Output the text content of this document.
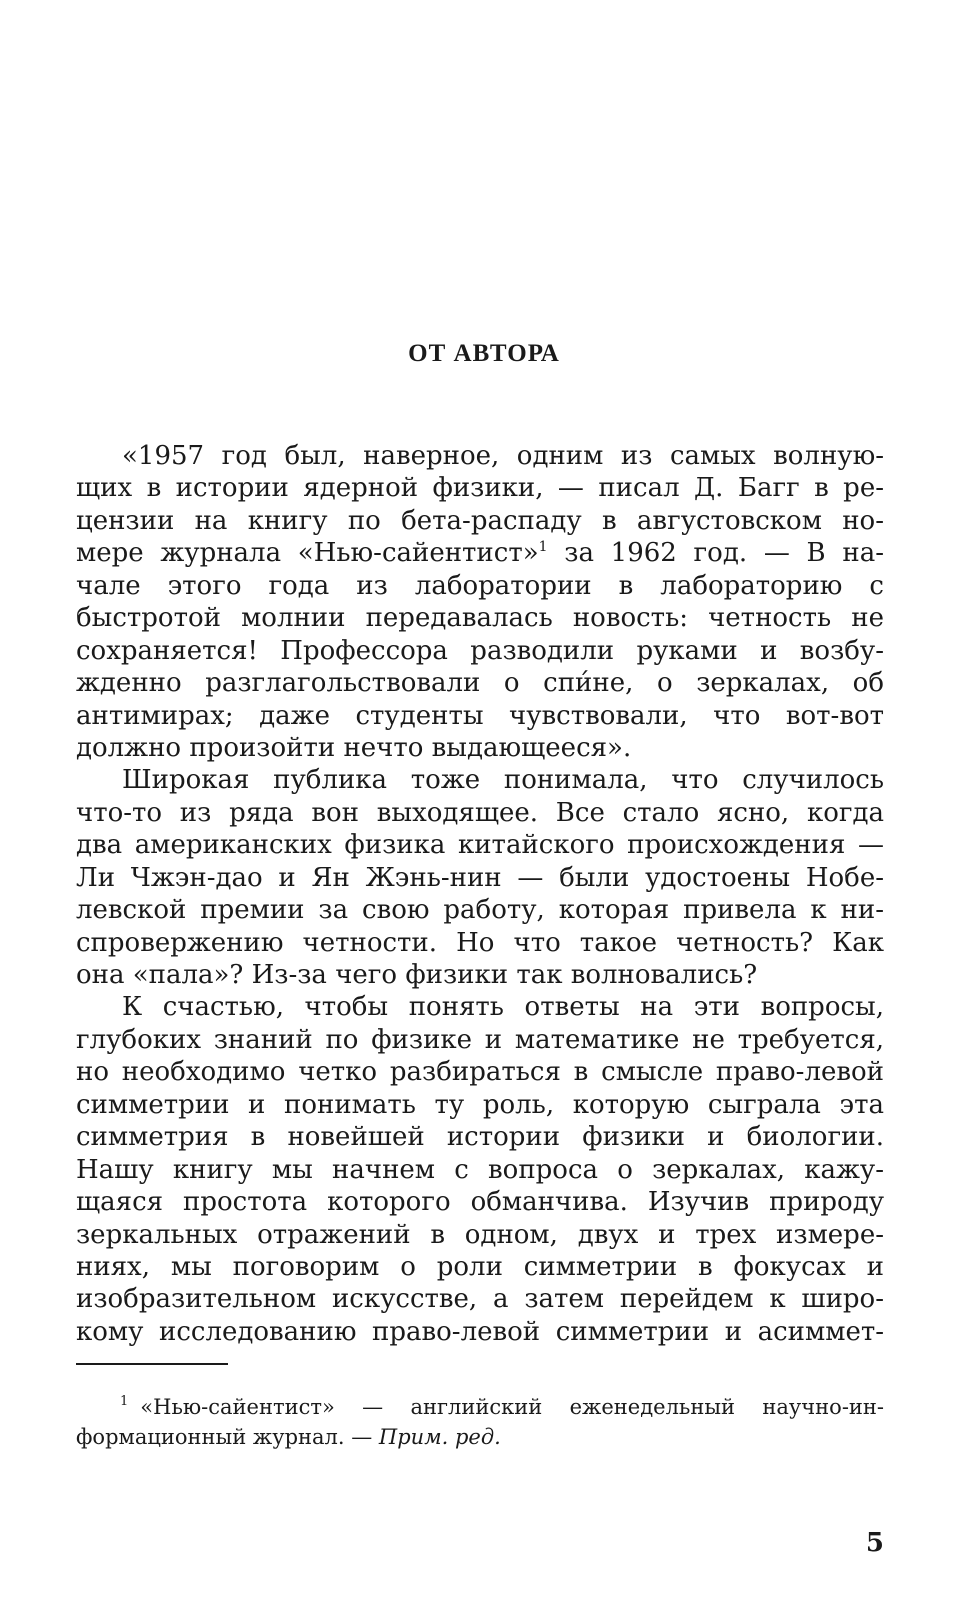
ОТ АВТОРА
«1957 год был, наверное, одним из самых волную-
щих в истории ядерной физики, — писал Д. Багг в ре-
цензии на книгу по бета-распаду в августовском но-
мере журнала «Нью-сайентист»$^1$ за 1962 год. — В на-
чале этого года из лаборатории в лабораторию с
быстротой молнии передавалась новость: четность не
сохраняется! Профессора разводили руками и возбу-
жденно разглагольствовали о спи́не, о зеркалах, об
антимирах; даже студенты чувствовали, что вот-вот
должно произойти нечто выдающееся».
Широкая публика тоже понимала, что случилось
что-то из ряда вон выходящее. Все стало ясно, когда
два американских физика китайского происхождения —
Ли Чжэн-дао и Ян Жэнь-нин — были удостоены Нобе-
левской премии за свою работу, которая привела к ни-
спровержению четности. Но что такое четность? Как
она «пала»? Из-за чего физики так волновались?
К счастью, чтобы понять ответы на эти вопросы,
глубоких знаний по физике и математике не требуется,
но необходимо четко разбираться в смысле право-левой
симметрии и понимать ту роль, которую сыграла эта
симметрия в новейшей истории физики и биологии.
Нашу книгу мы начнем с вопроса о зеркалах, кажу-
щаяся простота которого обманчива. Изучив природу
зеркальных отражений в одном, двух и трех измере-
ниях, мы поговорим о роли симметрии в фокусах и
изобразительном искусстве, а затем перейдем к широ-
кому исследованию право-левой симметрии и асиммет-
$^1$ «Нью-сайентист» — английский еженедельный научно-ин-
формационный журнал. — Прим. ред.
5
